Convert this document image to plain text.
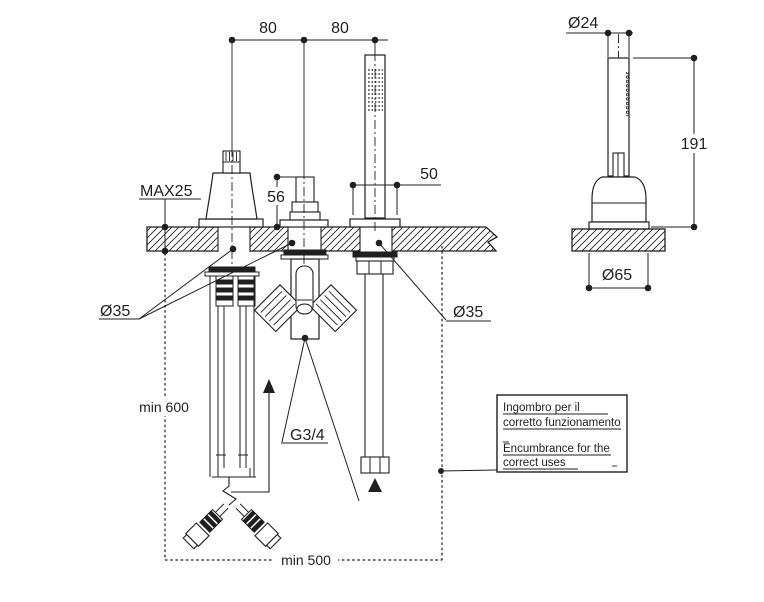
80	80
MAX25	56
50
Ø35	Ø35
G3/4
min 600
min 500
Ø24
191
Ø65
Ingombro per il
corretto funzionamento
Encumbrance for the
correct uses
